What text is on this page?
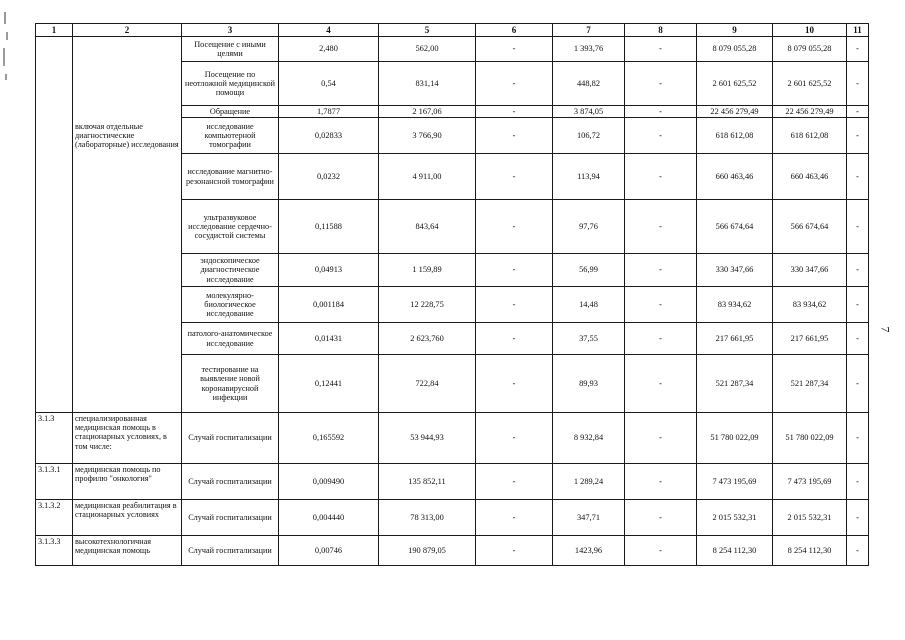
7
1	2	3	4	5	6	7	8	9	10	11

	включая отдельные диагностические (лабораторные) исследования	Посещение с иными целями	2,480	562,00	-	1 393,76	-	8 079 055,28	8 079 055,28	-
		Посещение по неотложной медицинской помощи	0,54	831,14	-	448,82	-	2 601 625,52	2 601 625,52	-
		Обращение	1,7877	2 167,06	-	3 874,05	-	22 456 279,49	22 456 279,49	-
		исследование компьютерной томографии	0,02833	3 766,90	-	106,72	-	618 612,08	618 612,08	-
		исследование магнитно-резонансной томографии	0,0232	4 911,00	-	113,94	-	660 463,46	660 463,46	-
		ультразвуковое исследование сердечно-сосудистой системы	0,11588	843,64	-	97,76	-	566 674,64	566 674,64	-
		эндоскопическое диагностическое исследование	0,04913	1 159,89	-	56,99	-	330 347,66	330 347,66	-
		молекулярно-биологическое исследование	0,001184	12 228,75	-	14,48	-	83 934,62	83 934,62	-
		патолого-анатомическое исследование	0,01431	2 623,760	-	37,55	-	217 661,95	217 661,95	-
		тестирование на выявление новой коронавирусной инфекции	0,12441	722,84	-	89,93	-	521 287,34	521 287,34	-
3.1.3	специализированная медицинская помощь в стационарных условиях, в том числе:	Случай госпитализации	0,165592	53 944,93	-	8 932,84	-	51 780 022,09	51 780 022,09	-
3.1.3.1	медицинская помощь по профилю "онкология"	Случай госпитализации	0,009490	135 852,11	-	1 289,24	-	7 473 195,69	7 473 195,69	-
3.1.3.2	медицинская реабилитация в стационарных условиях	Случай госпитализации	0,004440	78 313,00	-	347,71	-	2 015 532,31	2 015 532,31	-
3.1.3.3	высокотехнологичная медицинская помощь	Случай госпитализации	0,00746	190 879,05	-	1423,96	-	8 254 112,30	8 254 112,30	-
